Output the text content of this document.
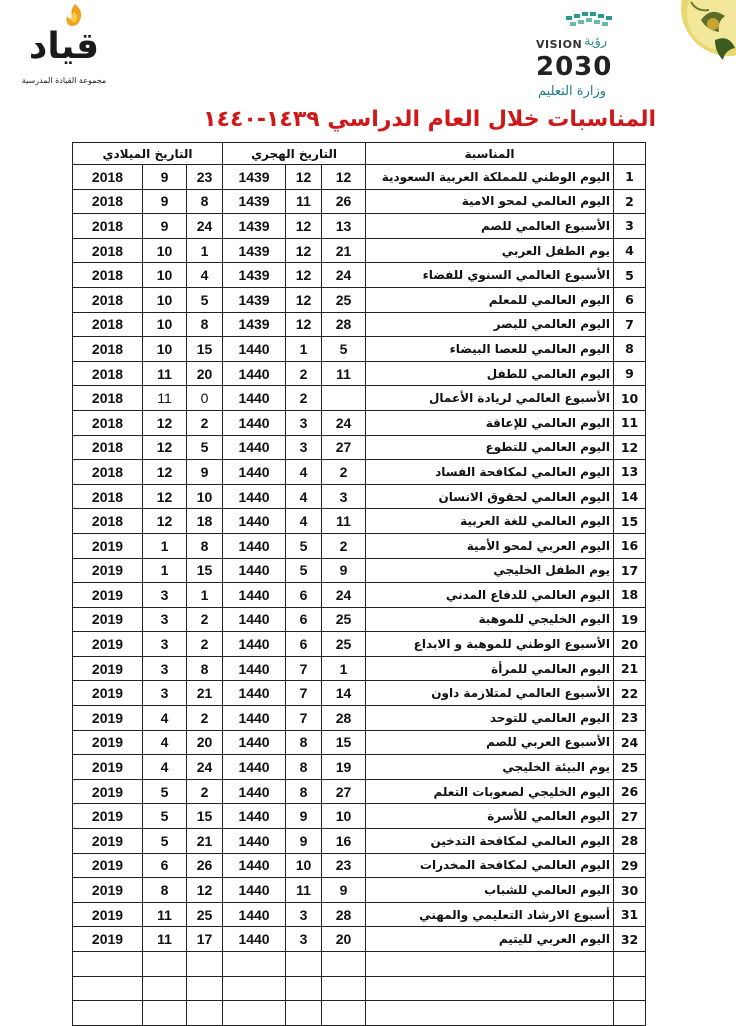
قياد
مجموعة القيادة المدرسية
VISION رؤية
2030
وزارة التعليم
المناسبات خلال العام الدراسي ١٤٣٩-١٤٤٠
	المناسبة	التاريخ الهجري			التاريخ الميلادي		
1	اليوم الوطني للمملكة العربية السعودية	12	12	1439	23	9	2018
2	اليوم العالمي لمحو الامية	26	11	1439	8	9	2018
3	الأسبوع العالمي للصم	13	12	1439	24	9	2018
4	يوم الطفل العربي	21	12	1439	1	10	2018
5	الأسبوع العالمي السنوي للفضاء	24	12	1439	4	10	2018
6	اليوم العالمي للمعلم	25	12	1439	5	10	2018
7	اليوم العالمي للبصر	28	12	1439	8	10	2018
8	اليوم العالمي للعصا البيضاء	5	1	1440	15	10	2018
9	اليوم العالمي للطفل	11	2	1440	20	11	2018
10	الأسبوع العالمي لريادة الأعمال		2	1440	0	11	2018
11	اليوم العالمي للإعاقة	24	3	1440	2	12	2018
12	اليوم العالمي للتطوع	27	3	1440	5	12	2018
13	اليوم العالمي لمكافحة الفساد	2	4	1440	9	12	2018
14	اليوم العالمي لحقوق الانسان	3	4	1440	10	12	2018
15	اليوم العالمي للغة العربية	11	4	1440	18	12	2018
16	اليوم العربي لمحو الأمية	2	5	1440	8	1	2019
17	يوم الطفل الخليجي	9	5	1440	15	1	2019
18	اليوم العالمي للدفاع المدني	24	6	1440	1	3	2019
19	اليوم الخليجي للموهبة	25	6	1440	2	3	2019
20	الأسبوع الوطني للموهبة و الابداع	25	6	1440	2	3	2019
21	اليوم العالمي للمرأة	1	7	1440	8	3	2019
22	الأسبوع العالمي لمتلازمة داون	14	7	1440	21	3	2019
23	اليوم العالمي للتوحد	28	7	1440	2	4	2019
24	الأسبوع العربي للصم	15	8	1440	20	4	2019
25	يوم البيئة الخليجي	19	8	1440	24	4	2019
26	اليوم الخليجي لصعوبات التعلم	27	8	1440	2	5	2019
27	اليوم العالمي للأسرة	10	9	1440	15	5	2019
28	اليوم العالمي لمكافحة التدخين	16	9	1440	21	5	2019
29	اليوم العالمي لمكافحة المخدرات	23	10	1440	26	6	2019
30	اليوم العالمي للشباب	9	11	1440	12	8	2019
31	أسبوع الارشاد التعليمي والمهني	28	3	1440	25	11	2019
32	اليوم العربي لليتيم	20	3	1440	17	11	2019
